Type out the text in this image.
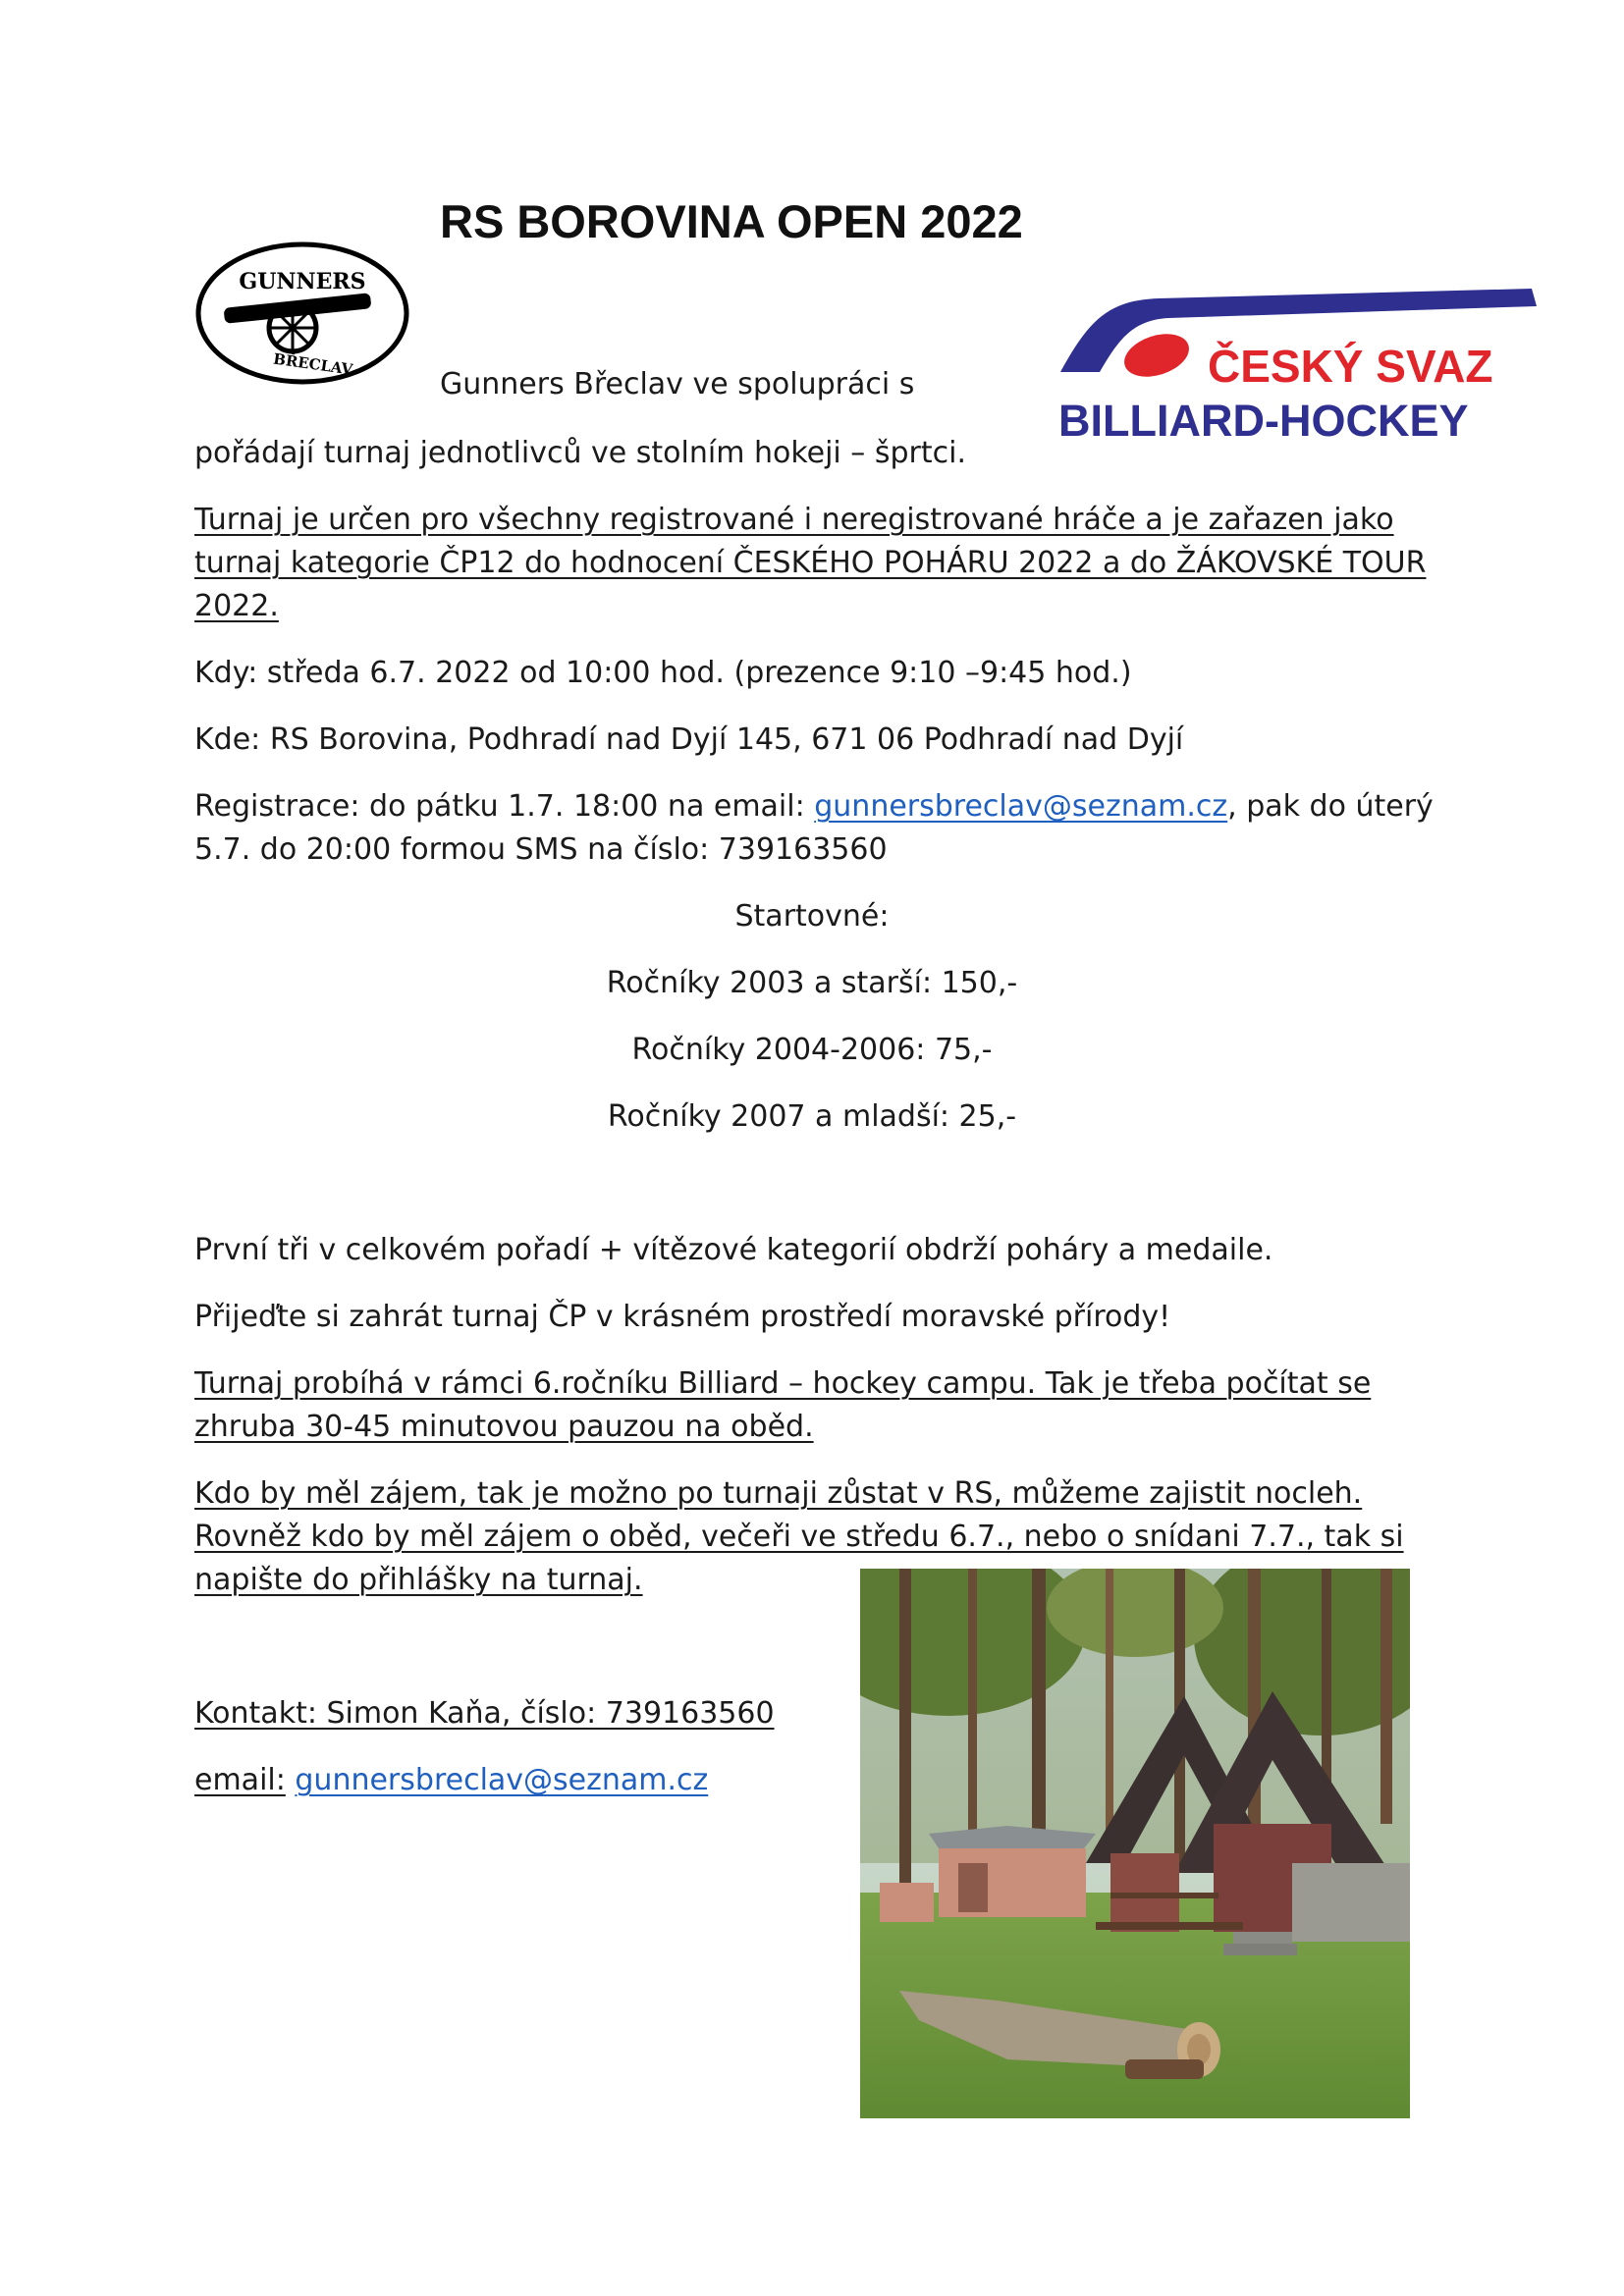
RS BOROVINA OPEN 2022
GUNNERS
BŘECLAV	ČESKÝ SVAZ
BILLIARD-HOCKEY
Gunners Břeclav ve spolupráci s
pořádají turnaj jednotlivců ve stolním hokeji – šprtci.
Turnaj je určen pro všechny registrované i neregistrované hráče a je zařazen jako
turnaj kategorie ČP12 do hodnocení ČESKÉHO POHÁRU 2022 a do ŽÁKOVSKÉ TOUR
2022.
Kdy: středa 6.7. 2022 od 10:00 hod. (prezence 9:10 –9:45 hod.)
Kde: RS Borovina, Podhradí nad Dyjí 145, 671 06 Podhradí nad Dyjí
Registrace: do pátku 1.7. 18:00 na email: gunnersbreclav@seznam.cz, pak do úterý
5.7. do 20:00 formou SMS na číslo: 739163560
Startovné:
Ročníky 2003 a starší: 150,-
Ročníky 2004-2006: 75,-
Ročníky 2007 a mladší: 25,-
První tři v celkovém pořadí + vítězové kategorií obdrží poháry a medaile.
Přijeďte si zahrát turnaj ČP v krásném prostředí moravské přírody!
Turnaj probíhá v rámci 6.ročníku Billiard – hockey campu. Tak je třeba počítat se
zhruba 30-45 minutovou pauzou na oběd.
Kdo by měl zájem, tak je možno po turnaji zůstat v RS, můžeme zajistit nocleh.
Rovněž kdo by měl zájem o oběd, večeři ve středu 6.7., nebo o snídani 7.7., tak si
napište do přihlášky na turnaj.
Kontakt: Simon Kaňa, číslo: 739163560
email: gunnersbreclav@seznam.cz
